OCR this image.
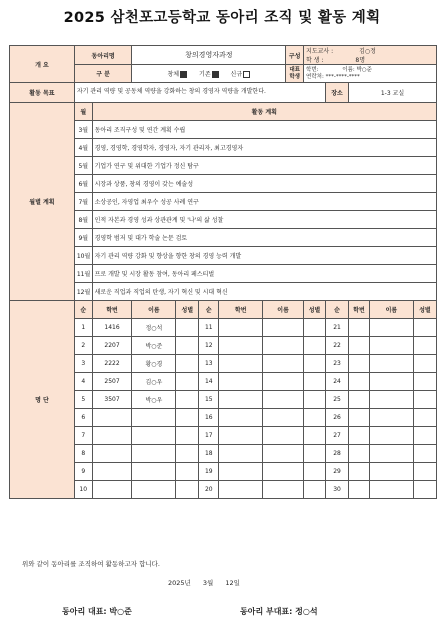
2025 삼천포고등학교 동아리 조직 및 활동 계획
개 요	동아리명		창의경영자과정					구성	지도교사 : 김○정
학 생 : 8명				
	구 분		창체 기존 신규					대표 학생	학번: 이름: 박○준
연락처: ***-****-****				
활동 목표	자기 관리 역량 및 공동체 역량을 강화하는 창의 경영자 역량을 개발한다.									장소	1-3 교실		
월별 계획	월	활동 계획											
	3월	동아리 조직구성 및 연간 계획 수립											
	4월	경영, 경영학, 경영학자, 경영자, 자기 관리자, 최고경영자											
	5월	기업가 연구 및 위대한 기업가 정신 탐구											
	6월	시장과 상품, 창의 경영이 갖는 예술성											
	7월	소상공인, 자영업 최우수 성공 사례 연구											
	8월	인적 자본과 경영 성과 상관관계 및 '나'의 삶 성찰											
	9월	경영학 범저 및 대가 학술 논문 검토											
	10월	자기 관리 역량 강화 및 향상을 향한 창의 경영 능력 개발											
	11월	프로 개발 및 시장 활동 참여, 동아리 페스티벌											
	12월	새로운 직업과 직업의 탄생, 자기 혁신 및 시대 혁신											
명 단	순	학번	이름	성별	순	학번	이름		성별	순	학번	이름	성별
	1	1416	정○석		11					21			
	2	2207	박○준		12					22			
	3	2222	황○경		13					23			
	4	2507	김○우		14					24			
	5	3507	박○우		15					25			
	6				16					26			
	7				17					27			
	8				18					28			
	9				19					29			
	10				20					30			
위와 같이 동아리를 조직하여 활동하고자 합니다.
2025년 3월 12일
동아리 대표: 박○준	동아리 부대표: 정○석
